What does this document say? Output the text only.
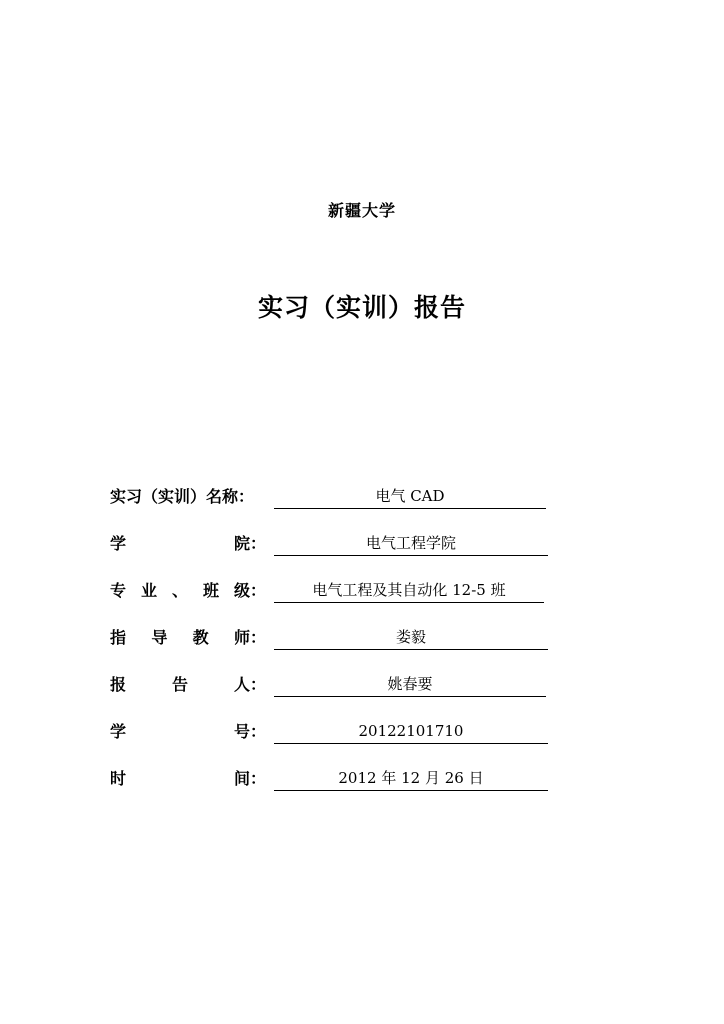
新疆大学
实习（实训）报告
实习（实训）名称：	电气 CAD
学	院：	电气工程学院
专 业 、 班 级：	电气工程及其自动化 12-5 班
指 导 教 师：	娄毅
报	告	人：	姚春要
学	号：	20122101710
时	间：	2012 年 12 月 26 日
